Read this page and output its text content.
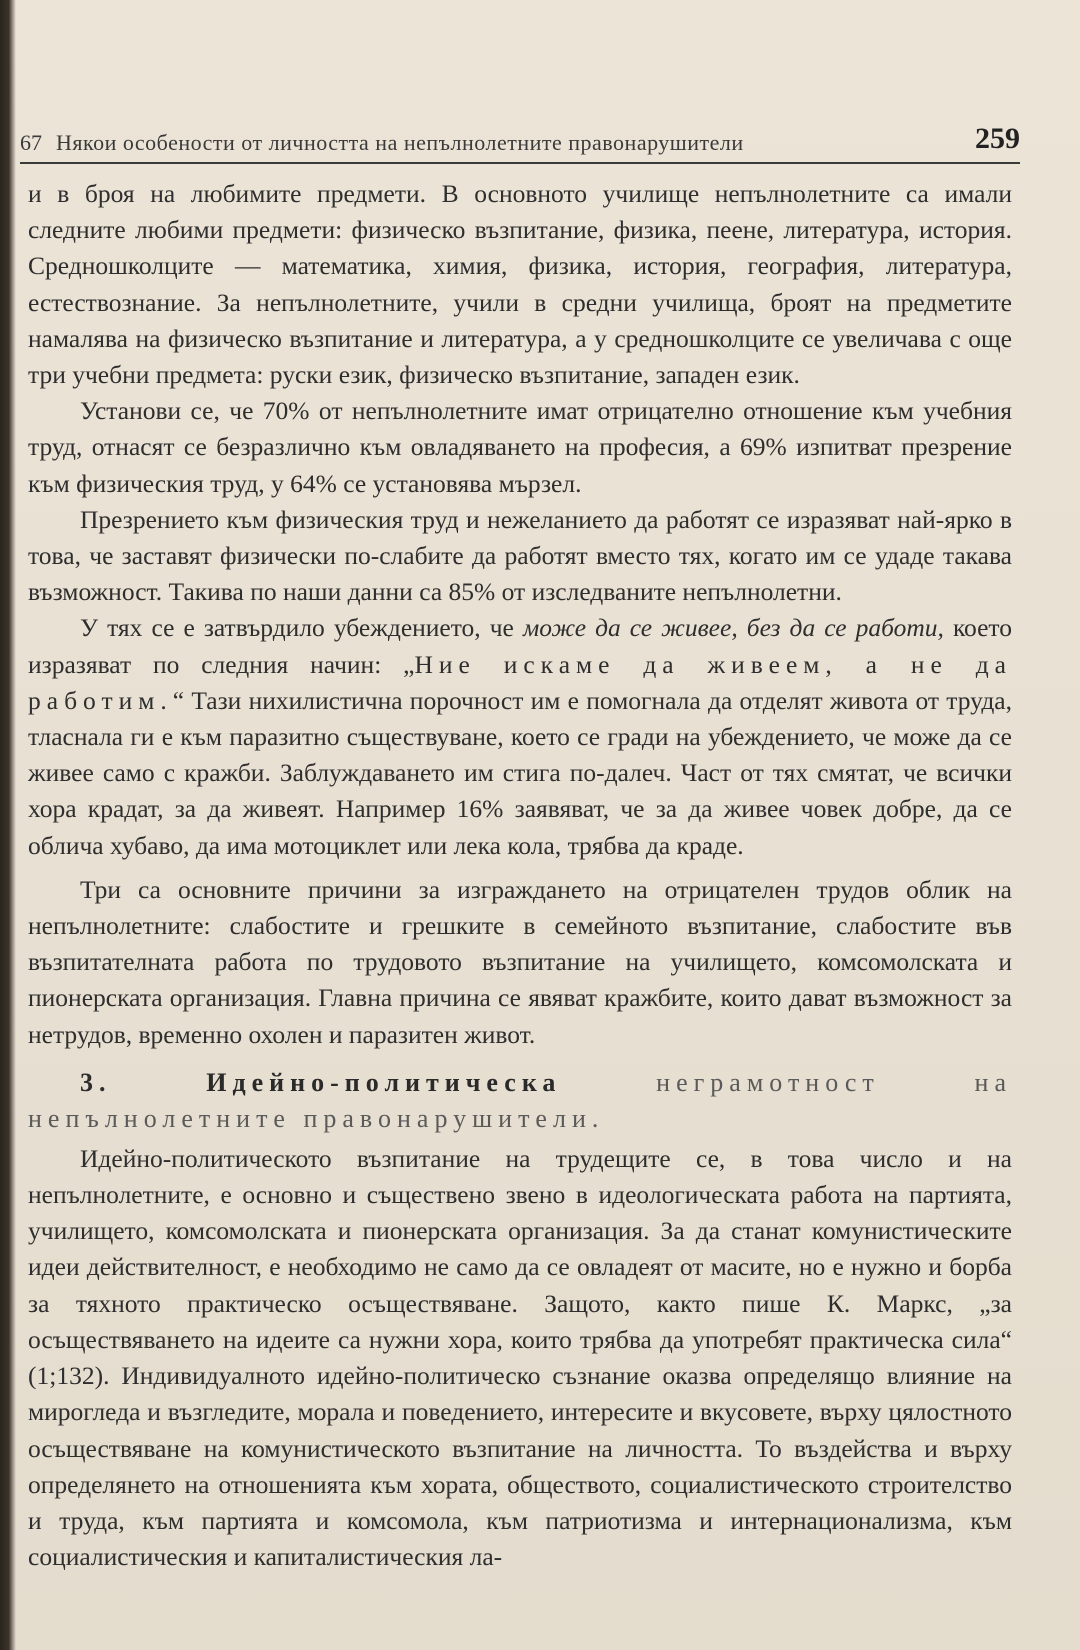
67 Някои особености от личността на непълнолетните правонарушители	259

и в броя на любимите предмети. В основното училище непълнолетните са имали следните любими предмети: физическо възпитание, физика, пеене, литература, история. Средношколците — математика, химия, физика, история, география, литература, естествознание. За непълнолетните, учили в средни училища, броят на предметите намалява на физическо възпитание и литература, а у средношколците се увеличава с още три учебни предмета: руски език, физическо възпитание, западен език.

Установи се, че 70% от непълнолетните имат отрицателно отношение към учебния труд, отнасят се безразлично към овладяването на професия, а 69% изпитват презрение към физическия труд, у 64% се установява мързел.

Презрението към физическия труд и нежеланието да работят се изразяват най-ярко в това, че заставят физически по-слабите да работят вместо тях, когато им се удаде такава възможност. Такива по наши данни са 85% от изследваните непълнолетни.

У тях се е затвърдило убеждението, че може да се живее, без да се работи, което изразяват по следния начин: „Ние искаме да живеем, а не да работим.“ Тази нихилистична порочност им е помогнала да отделят живота от труда, тласнала ги е към паразитно съществуване, което се гради на убеждението, че може да се живее само с кражби. Заблуждаването им стига по-далеч. Част от тях смятат, че всички хора крадат, за да живеят. Например 16% заявяват, че за да живее човек добре, да се облича хубаво, да има мотоциклет или лека кола, трябва да краде.

Три са основните причини за изграждането на отрицателен трудов облик на непълнолетните: слабостите и грешките в семейното възпитание, слабостите във възпитателната работа по трудовото възпитание на училището, комсомолската и пионерската организация. Главна причина се явяват кражбите, които дават възможност за нетрудов, временно охолен и паразитен живот.

3.	Идейно-политическа	неграмотност на непълнолетните правонарушители.

Идейно-политическото възпитание на трудещите се, в това число и на непълнолетните, е основно и съществено звено в идеологическата работа на партията, училището, комсомолската и пионерската организация. За да станат комунистическите идеи действителност, е необходимо не само да се овладеят от масите, но е нужно и борба за тяхното практическо осъществяване. Защото, както пише К. Маркс, „за осъществяването на идеите са нужни хора, които трябва да употребят практическа сила“ (1;132). Индивидуалното идейно-политическо съзнание оказва определящо влияние на мирогледа и възгледите, морала и поведението, интересите и вкусовете, върху цялостното осъществяване на комунистическото възпитание на личността. То въздейства и върху определянето на отношенията към хората, обществото, социалистическото строителство и труда, към партията и комсомола, към патриотизма и интернационализма, към социалистическия и капиталистическия ла-
